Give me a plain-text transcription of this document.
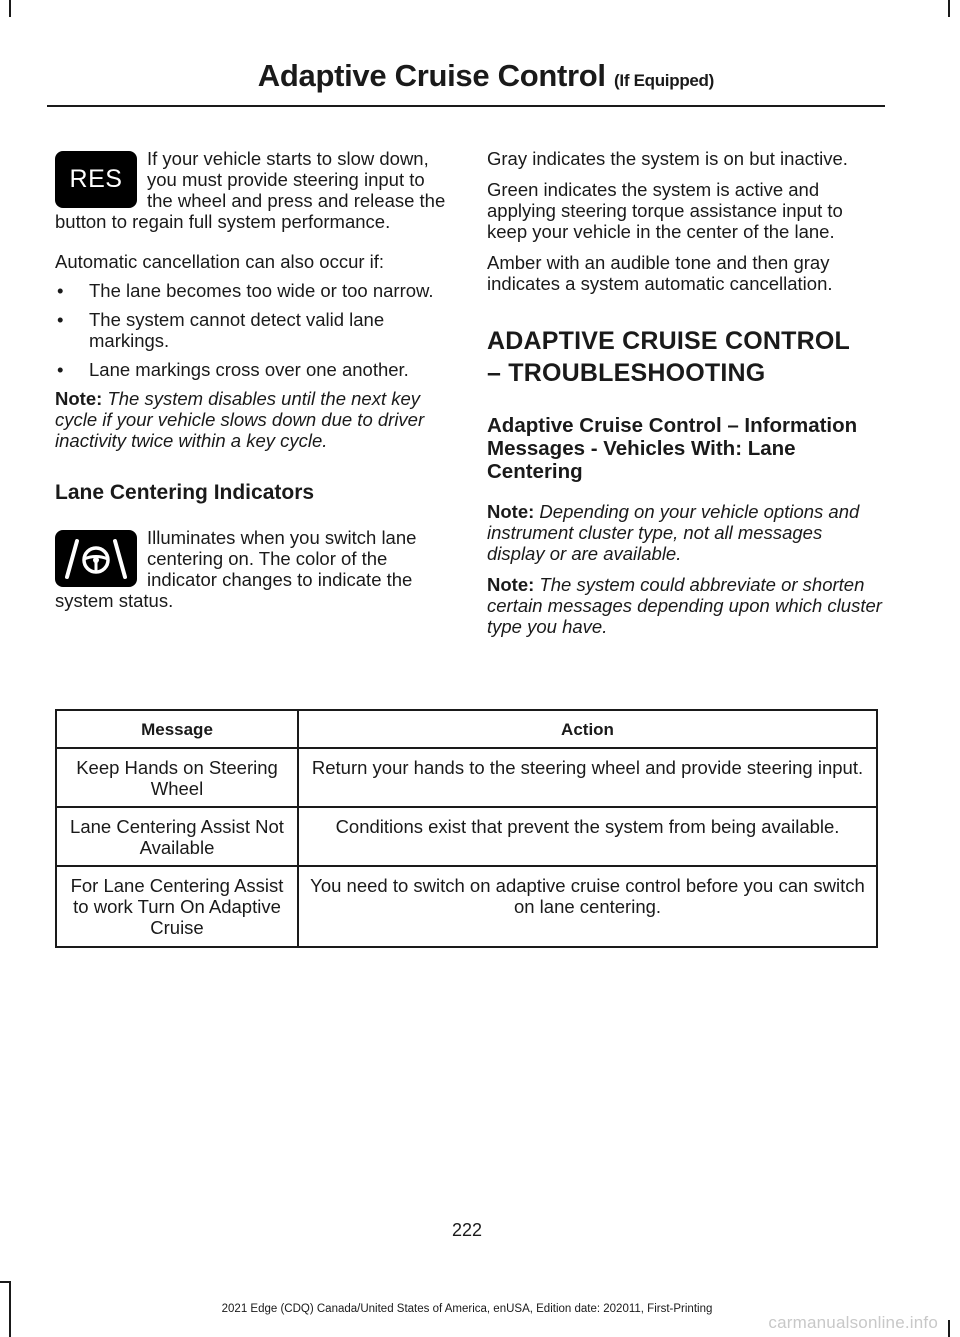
Adaptive Cruise Control (If Equipped)
RES

If your vehicle starts to slow down, you must provide steering input to the wheel and press and release the button to regain full system performance.

Automatic cancellation can also occur if:

• The lane becomes too wide or too narrow.
• The system cannot detect valid lane markings.
• Lane markings cross over one another.

Note: The system disables until the next key cycle if your vehicle slows down due to driver inactivity twice within a key cycle.

Lane Centering Indicators

Illuminates when you switch lane centering on. The color of the indicator changes to indicate the system status.

Gray indicates the system is on but inactive.

Green indicates the system is active and applying steering torque assistance input to keep your vehicle in the center of the lane.

Amber with an audible tone and then gray indicates a system automatic cancellation.

ADAPTIVE CRUISE CONTROL

– TROUBLESHOOTING

Adaptive Cruise Control – Information Messages - Vehicles With: Lane Centering

Note: Depending on your vehicle options and instrument cluster type, not all messages display or are available.

Note: The system could abbreviate or shorten certain messages depending upon which cluster type you have.

Message	Action
Keep Hands on Steering Wheel	Return your hands to the steering wheel and provide steering input.
Lane Centering Assist Not Available	Conditions exist that prevent the system from being available.
For Lane Centering Assist to work Turn On Adaptive Cruise	You need to switch on adaptive cruise control before you can switch on lane centering.
222
2021 Edge (CDQ) Canada/United States of America, enUSA, Edition date: 202011, First-Printing
carmanualsonline.info
